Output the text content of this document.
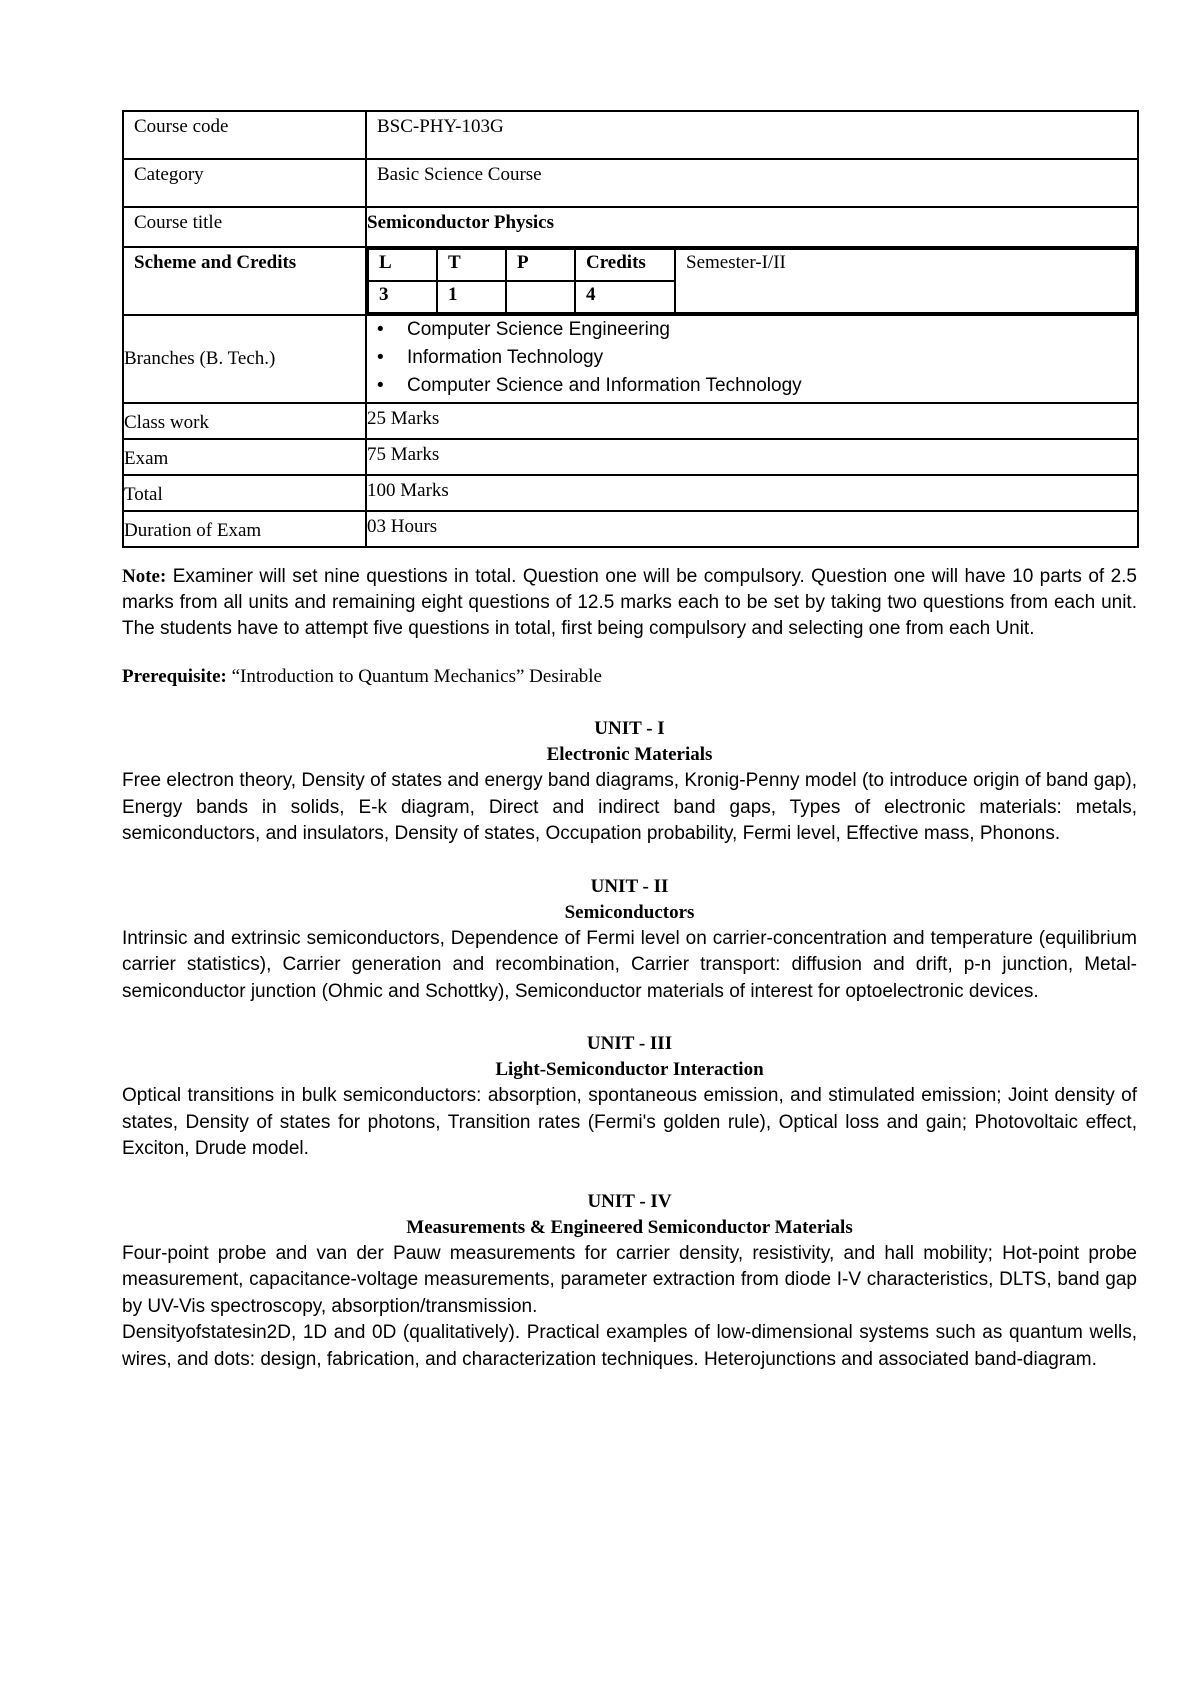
Course code	BSC-PHY-103G
Category	Basic Science Course
Course title	Semiconductor Physics
Scheme and Credits		L	T	P	Credits	Semester-I/II
3	1		4

Branches (B. Tech.)	
• Computer Science Engineering
• Information Technology
• Computer Science and Information Technology

Class work	25 Marks
Exam	75 Marks
Total	100 Marks
Duration of Exam	03 Hours
Note: Examiner will set nine questions in total. Question one will be compulsory. Question one will have 10 parts of 2.5 marks from all units and remaining eight questions of 12.5 marks each to be set by taking two questions from each unit. The students have to attempt five questions in total, first being compulsory and selecting one from each Unit.
Prerequisite: “Introduction to Quantum Mechanics” Desirable
UNIT - I
Electronic Materials

Free electron theory, Density of states and energy band diagrams, Kronig-Penny model (to introduce origin of band gap), Energy bands in solids, E-k diagram, Direct and indirect band gaps, Types of electronic materials: metals, semiconductors, and insulators, Density of states, Occupation probability, Fermi level, Effective mass, Phonons.

UNIT - II
Semiconductors

Intrinsic and extrinsic semiconductors, Dependence of Fermi level on carrier-concentration and temperature (equilibrium carrier statistics), Carrier generation and recombination, Carrier transport: diffusion and drift, p-n junction, Metal-semiconductor junction (Ohmic and Schottky), Semiconductor materials of interest for optoelectronic devices.

UNIT - III
Light-Semiconductor Interaction

Optical transitions in bulk semiconductors: absorption, spontaneous emission, and stimulated emission; Joint density of states, Density of states for photons, Transition rates (Fermi's golden rule), Optical loss and gain; Photovoltaic effect, Exciton, Drude model.

UNIT - IV
Measurements & Engineered Semiconductor Materials

Four-point probe and van der Pauw measurements for carrier density, resistivity, and hall mobility; Hot-point probe measurement, capacitance-voltage measurements, parameter extraction from diode I-V characteristics, DLTS, band gap by UV-Vis spectroscopy, absorption/transmission.

Densityofstatesin2D, 1D and 0D (qualitatively). Practical examples of low-dimensional systems such as quantum wells, wires, and dots: design, fabrication, and characterization techniques. Heterojunctions and associated band-diagram.
